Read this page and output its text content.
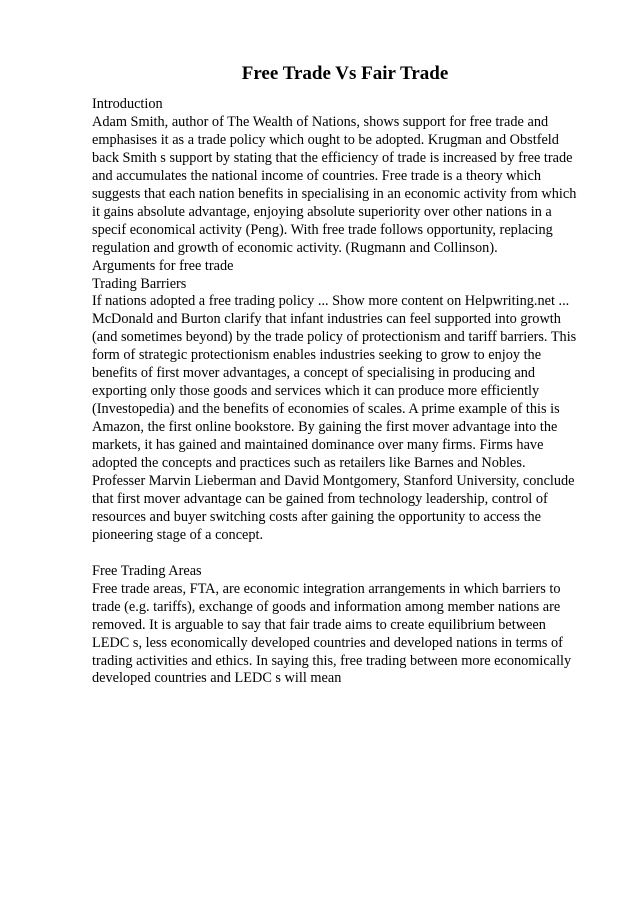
Free Trade Vs Fair Trade
Introduction
Adam Smith, author of The Wealth of Nations, shows support for free trade and
emphasises it as a trade policy which ought to be adopted. Krugman and Obstfeld
back Smith s support by stating that the efficiency of trade is increased by free trade
and accumulates the national income of countries. Free trade is a theory which
suggests that each nation benefits in specialising in an economic activity from which
it gains absolute advantage, enjoying absolute superiority over other nations in a
specif economical activity (Peng). With free trade follows opportunity, replacing
regulation and growth of economic activity. (Rugmann and Collinson).
Arguments for free trade
Trading Barriers
If nations adopted a free trading policy ... Show more content on Helpwriting.net ...
McDonald and Burton clarify that infant industries can feel supported into growth
(and sometimes beyond) by the trade policy of protectionism and tariff barriers. This
form of strategic protectionism enables industries seeking to grow to enjoy the
benefits of first mover advantages, a concept of specialising in producing and
exporting only those goods and services which it can produce more efficiently
(Investopedia) and the benefits of economies of scales. A prime example of this is
Amazon, the first online bookstore. By gaining the first mover advantage into the
markets, it has gained and maintained dominance over many firms. Firms have
adopted the concepts and practices such as retailers like Barnes and Nobles.
Professer Marvin Lieberman and David Montgomery, Stanford University, conclude
that first mover advantage can be gained from technology leadership, control of
resources and buyer switching costs after gaining the opportunity to access the
pioneering stage of a concept.
Free Trading Areas
Free trade areas, FTA, are economic integration arrangements in which barriers to
trade (e.g. tariffs), exchange of goods and information among member nations are
removed. It is arguable to say that fair trade aims to create equilibrium between
LEDC s, less economically developed countries and developed nations in terms of
trading activities and ethics. In saying this, free trading between more economically
developed countries and LEDC s will mean
